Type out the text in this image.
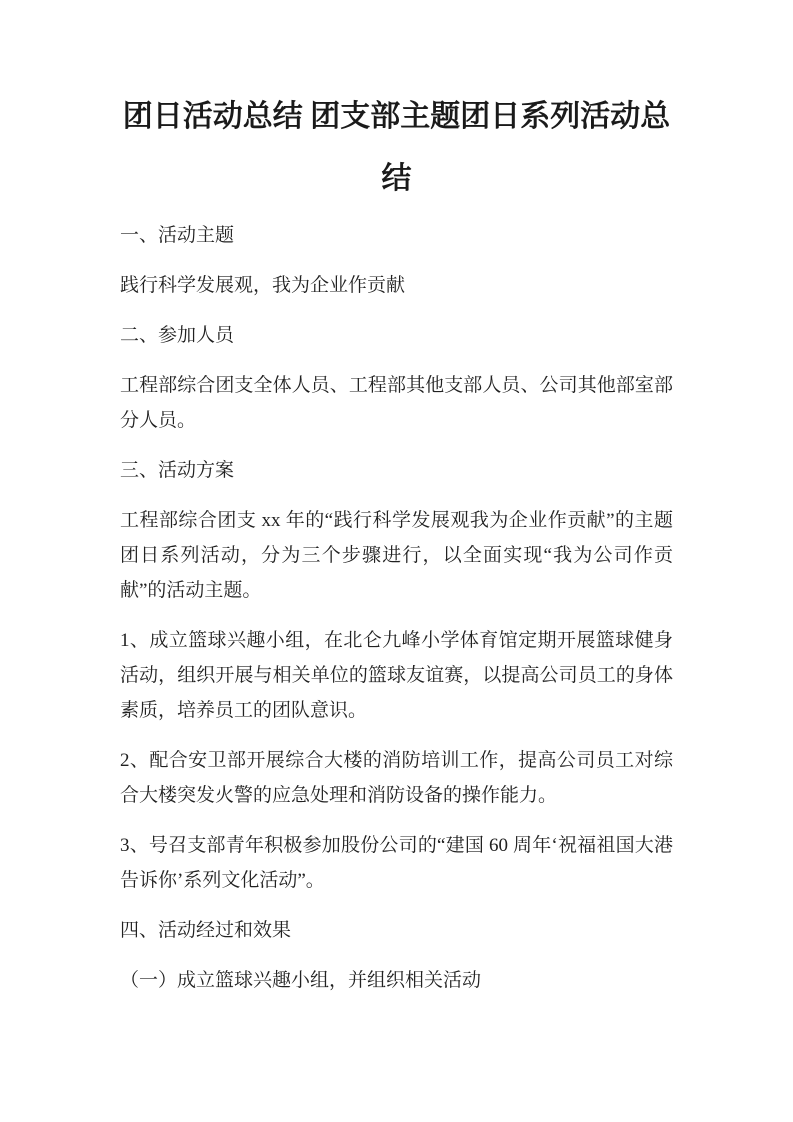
团日活动总结 团支部主题团日系列活动总结

一、活动主题

践行科学发展观，我为企业作贡献

二、参加人员

工程部综合团支全体人员、工程部其他支部人员、公司其他部室部分人员。

三、活动方案

工程部综合团支 xx 年的“践行科学发展观我为企业作贡献”的主题团日系列活动，分为三个步骤进行，以全面实现“我为公司作贡献”的活动主题。

1、成立篮球兴趣小组，在北仑九峰小学体育馆定期开展篮球健身活动，组织开展与相关单位的篮球友谊赛，以提高公司员工的身体素质，培养员工的团队意识。

2、配合安卫部开展综合大楼的消防培训工作，提高公司员工对综合大楼突发火警的应急处理和消防设备的操作能力。

3、号召支部青年积极参加股份公司的“建国 60 周年‘祝福祖国大港告诉你’系列文化活动”。

四、活动经过和效果

（一）成立篮球兴趣小组，并组织相关活动
